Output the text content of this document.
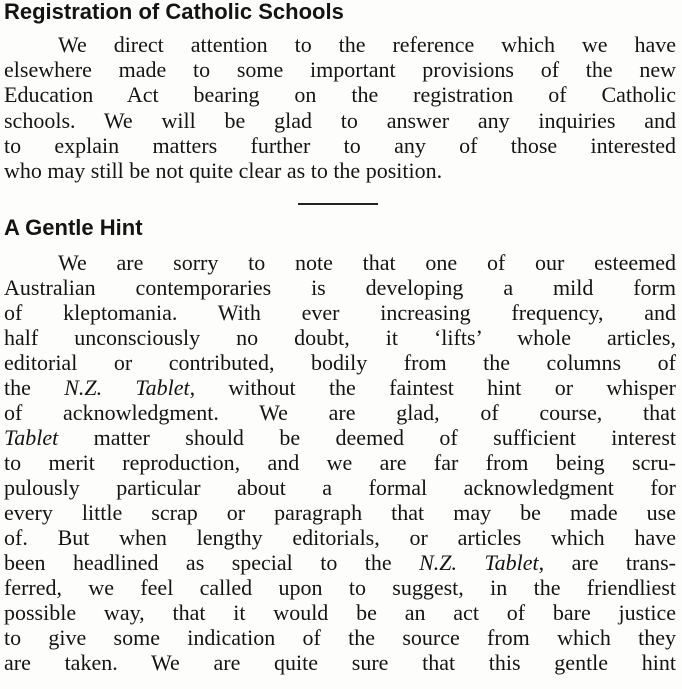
Registration of Catholic Schools
We direct attention to the reference which we have
elsewhere made to some important provisions of the new
Education Act bearing on the registration of Catholic
schools. We will be glad to answer any inquiries and
to explain matters further to any of those interested
who may still be not quite clear as to the position.
A Gentle Hint
We are sorry to note that one of our esteemed
Australian contemporaries is developing a mild form
of kleptomania. With ever increasing frequency, and
half unconsciously no doubt, it ‘lifts’ whole articles,
editorial or contributed, bodily from the columns of
the N.Z. Tablet, without the faintest hint or whisper
of acknowledgment. We are glad, of course, that
Tablet matter should be deemed of sufficient interest
to merit reproduction, and we are far from being scru-
pulously particular about a formal acknowledgment for
every little scrap or paragraph that may be made use
of. But when lengthy editorials, or articles which have
been headlined as special to the N.Z. Tablet, are trans-
ferred, we feel called upon to suggest, in the friendliest
possible way, that it would be an act of bare justice
to give some indication of the source from which they
are taken. We are quite sure that this gentle hint
